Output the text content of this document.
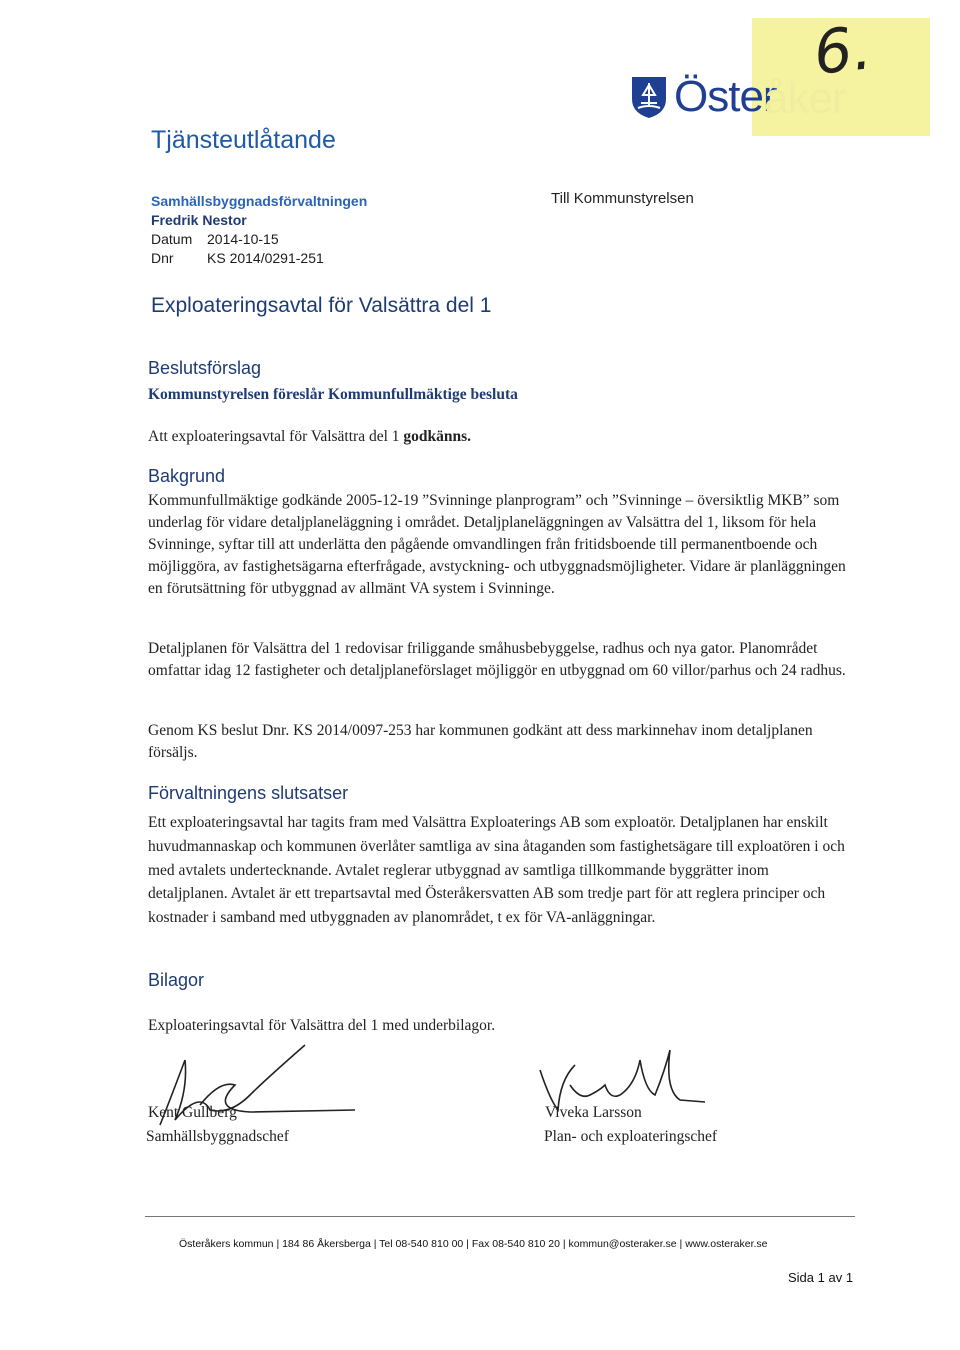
6.
Öster
åker
Tjänsteutlåtande
Samhällsbyggnadsförvaltningen
Fredrik Nestor
Datum 2014-10-15
Dnr KS 2014/0291-251
Till Kommunstyrelsen
Exploateringsavtal för Valsättra del 1
Beslutsförslag
Kommunstyrelsen föreslår Kommunfullmäktige besluta
Att exploateringsavtal för Valsättra del 1 godkänns.
Bakgrund
Kommunfullmäktige godkände 2005-12-19 ”Svinninge planprogram” och ”Svinninge – översiktlig MKB” som underlag för vidare detaljplaneläggning i området. Detaljplaneläggningen av Valsättra del 1, liksom för hela Svinninge, syftar till att underlätta den pågående omvandlingen från fritidsboende till permanentboende och möjliggöra, av fastighetsägarna efterfrågade, avstyckning- och utbyggnadsmöjligheter. Vidare är planläggningen en förutsättning för utbyggnad av allmänt VA system i Svinninge.
Detaljplanen för Valsättra del 1 redovisar friliggande småhusbebyggelse, radhus och nya gator. Planområdet omfattar idag 12 fastigheter och detaljplaneförslaget möjliggör en utbyggnad om 60 villor/parhus och 24 radhus.
Genom KS beslut Dnr. KS 2014/0097-253 har kommunen godkänt att dess markinnehav inom detaljplanen försäljs.
Förvaltningens slutsatser
Ett exploateringsavtal har tagits fram med Valsättra Exploaterings AB som exploatör. Detaljplanen har enskilt huvudmannaskap och kommunen överlåter samtliga av sina åtaganden som fastighetsägare till exploatören i och med avtalets undertecknande. Avtalet reglerar utbyggnad av samtliga tillkommande byggrätter inom detaljplanen. Avtalet är ett trepartsavtal med Österåkersvatten AB som tredje part för att reglera principer och kostnader i samband med utbyggnaden av planområdet, t ex för VA-anläggningar.
Bilagor
Exploateringsavtal för Valsättra del 1 med underbilagor.
Kent Gullberg
Samhällsbyggnadschef
Viveka Larsson
Plan- och exploateringschef
Österåkers kommun | 184 86 Åkersberga | Tel 08-540 810 00 | Fax 08-540 810 20 | kommun@osteraker.se | www.osteraker.se
Sida 1 av 1
